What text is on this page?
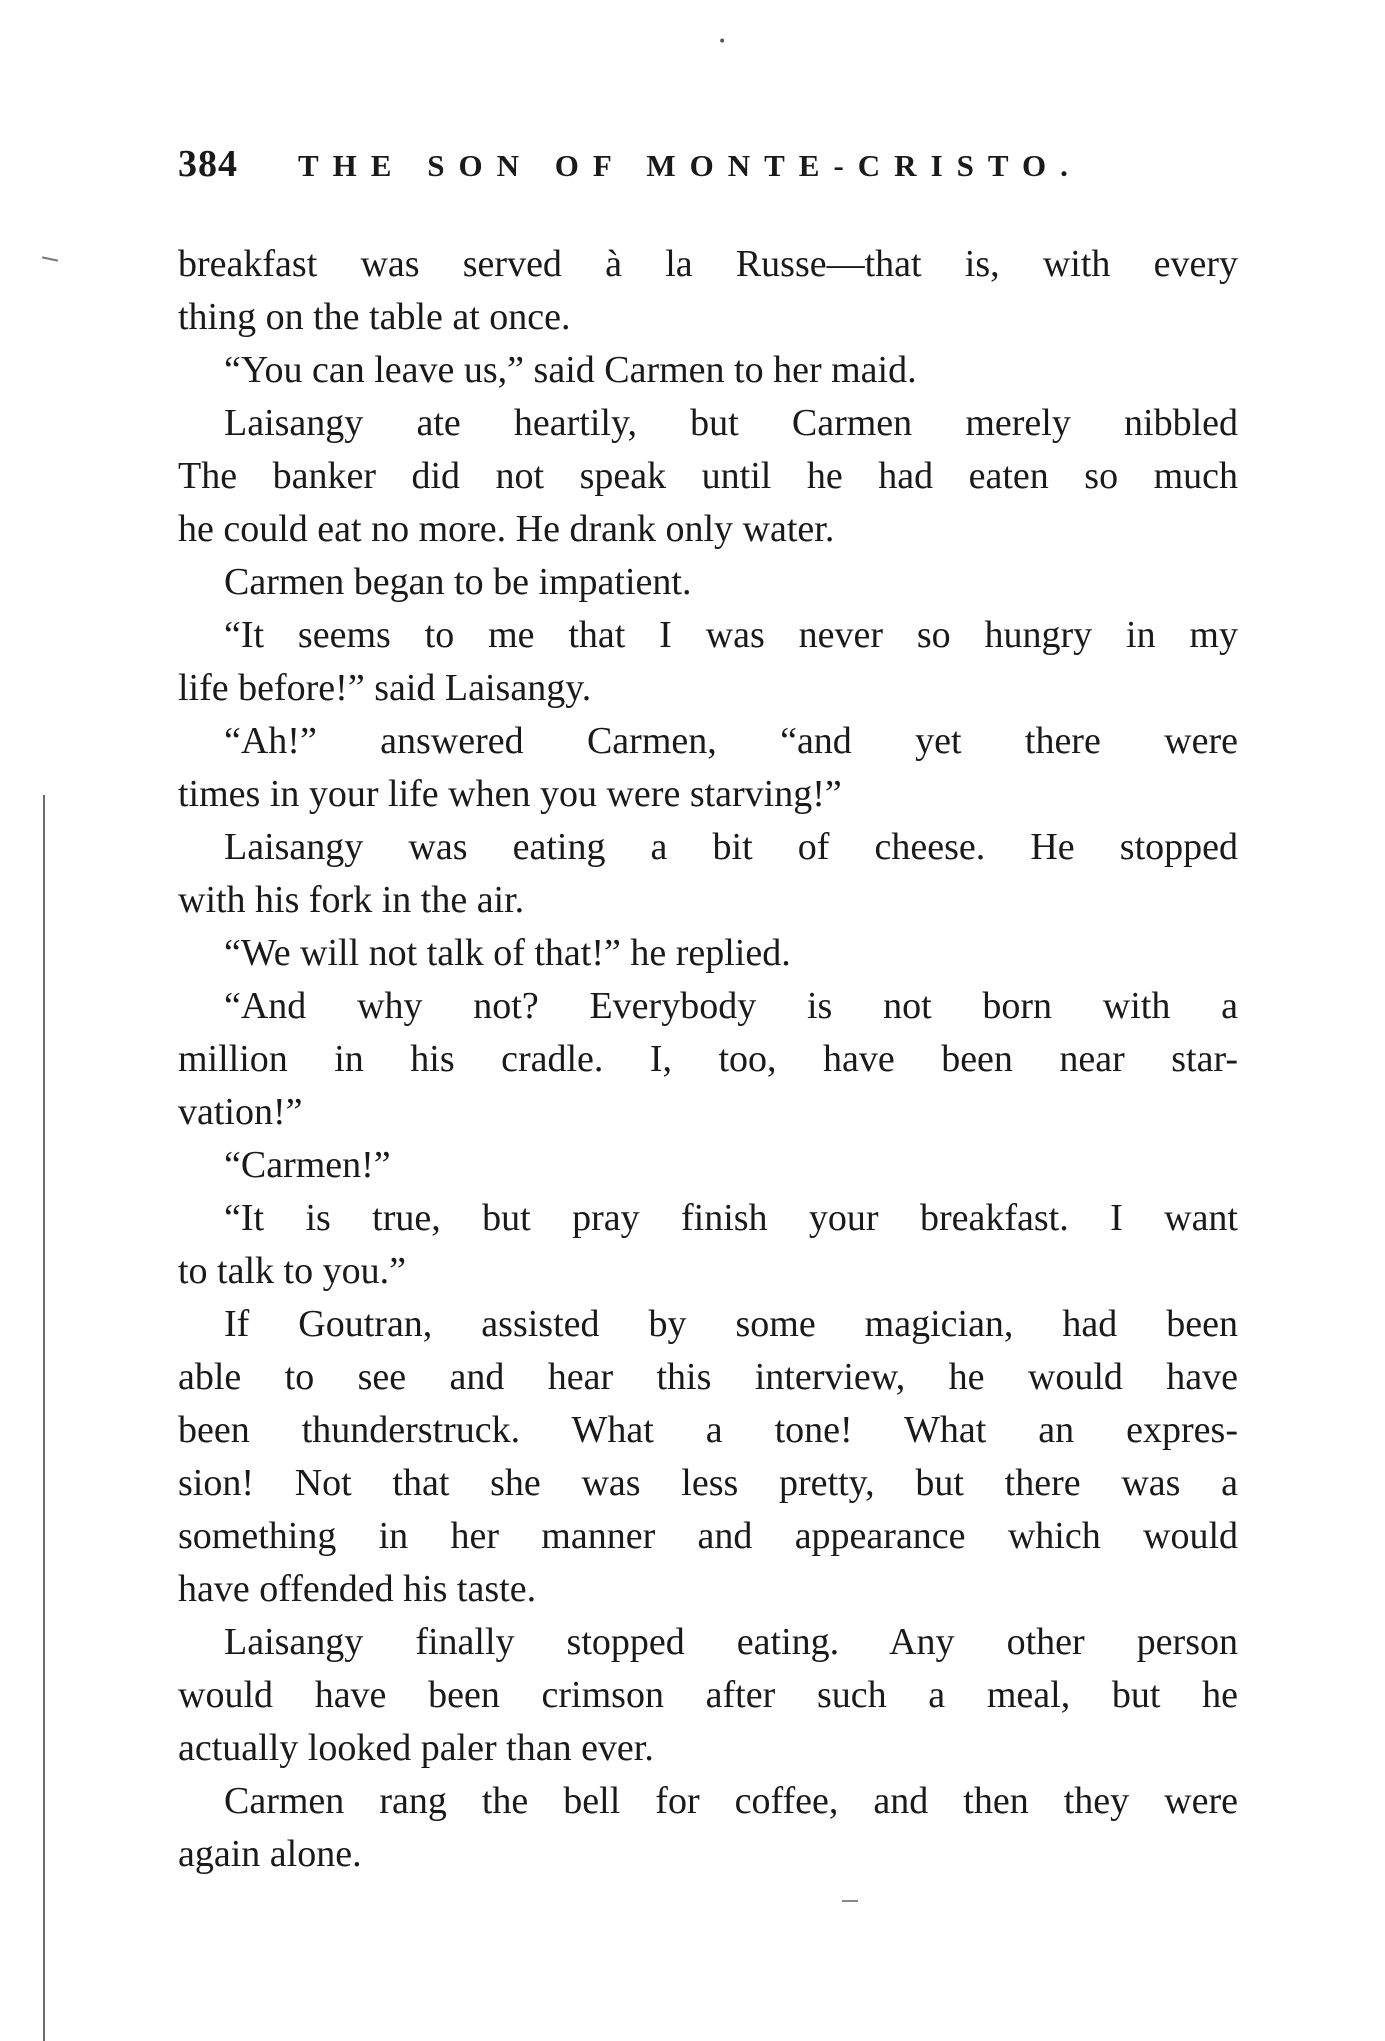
•
384 THE SON OF MONTE-CRISTO.
breakfast was served à la Russe—that is, with every
thing on the table at once.
“You can leave us,” said Carmen to her maid.
Laisangy ate heartily, but Carmen merely nibbled
The banker did not speak until he had eaten so much
he could eat no more. He drank only water.
Carmen began to be impatient.
“It seems to me that I was never so hungry in my
life before!” said Laisangy.
“Ah!” answered Carmen, “and yet there were
times in your life when you were starving!”
Laisangy was eating a bit of cheese. He stopped
with his fork in the air.
“We will not talk of that!” he replied.
“And why not? Everybody is not born with a
million in his cradle. I, too, have been near star-
vation!”
“Carmen!”
“It is true, but pray finish your breakfast. I want
to talk to you.”
If Goutran, assisted by some magician, had been
able to see and hear this interview, he would have
been thunderstruck. What a tone! What an expres-
sion! Not that she was less pretty, but there was a
something in her manner and appearance which would
have offended his taste.
Laisangy finally stopped eating. Any other person
would have been crimson after such a meal, but he
actually looked paler than ever.
Carmen rang the bell for coffee, and then they were
again alone.
